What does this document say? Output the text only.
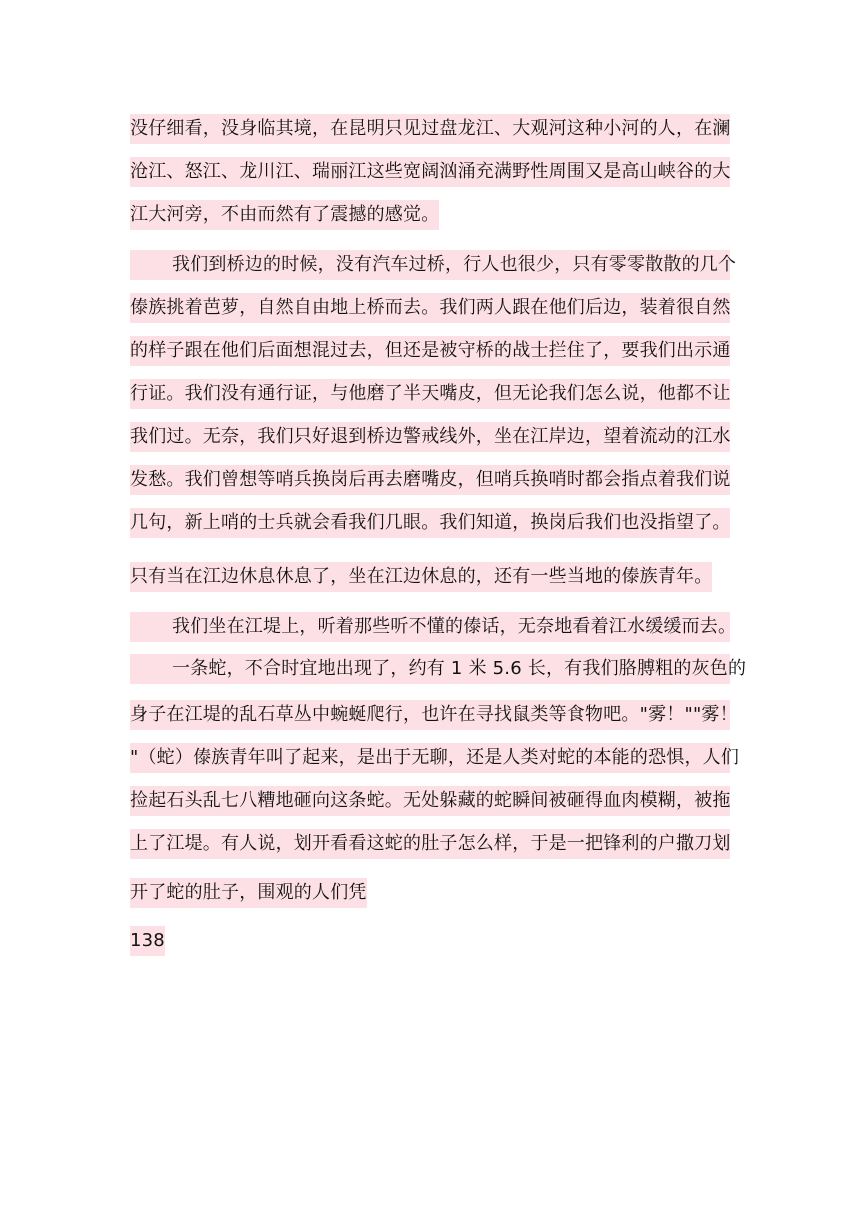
没仔细看，没身临其境，在昆明只见过盘龙江、大观河这种小河的人，在澜
沧江、怒江、龙川江、瑞丽江这些宽阔汹涌充满野性周围又是高山峡谷的大
江大河旁，不由而然有了震撼的感觉。
我们到桥边的时候，没有汽车过桥，行人也很少，只有零零散散的几个
傣族挑着芭萝，自然自由地上桥而去。我们两人跟在他们后边，装着很自然
的样子跟在他们后面想混过去，但还是被守桥的战士拦住了，要我们出示通
行证。我们没有通行证，与他磨了半天嘴皮，但无论我们怎么说，他都不让
我们过。无奈，我们只好退到桥边警戒线外，坐在江岸边，望着流动的江水
发愁。我们曾想等哨兵换岗后再去磨嘴皮，但哨兵换哨时都会指点着我们说
几句，新上哨的士兵就会看我们几眼。我们知道，换岗后我们也没指望了。
只有当在江边休息休息了，坐在江边休息的，还有一些当地的傣族青年。
我们坐在江堤上，听着那些听不懂的傣话，无奈地看着江水缓缓而去。
一条蛇，不合时宜地出现了，约有 1 米 5.6 长，有我们胳膊粗的灰色的
身子在江堤的乱石草丛中蜿蜒爬行，也许在寻找鼠类等食物吧。"雾！""雾！
"（蛇）傣族青年叫了起来，是出于无聊，还是人类对蛇的本能的恐惧，人们
捡起石头乱七八糟地砸向这条蛇。无处躲藏的蛇瞬间被砸得血肉模糊，被拖
上了江堤。有人说，划开看看这蛇的肚子怎么样，于是一把锋利的户撒刀划
开了蛇的肚子，围观的人们凭
138
